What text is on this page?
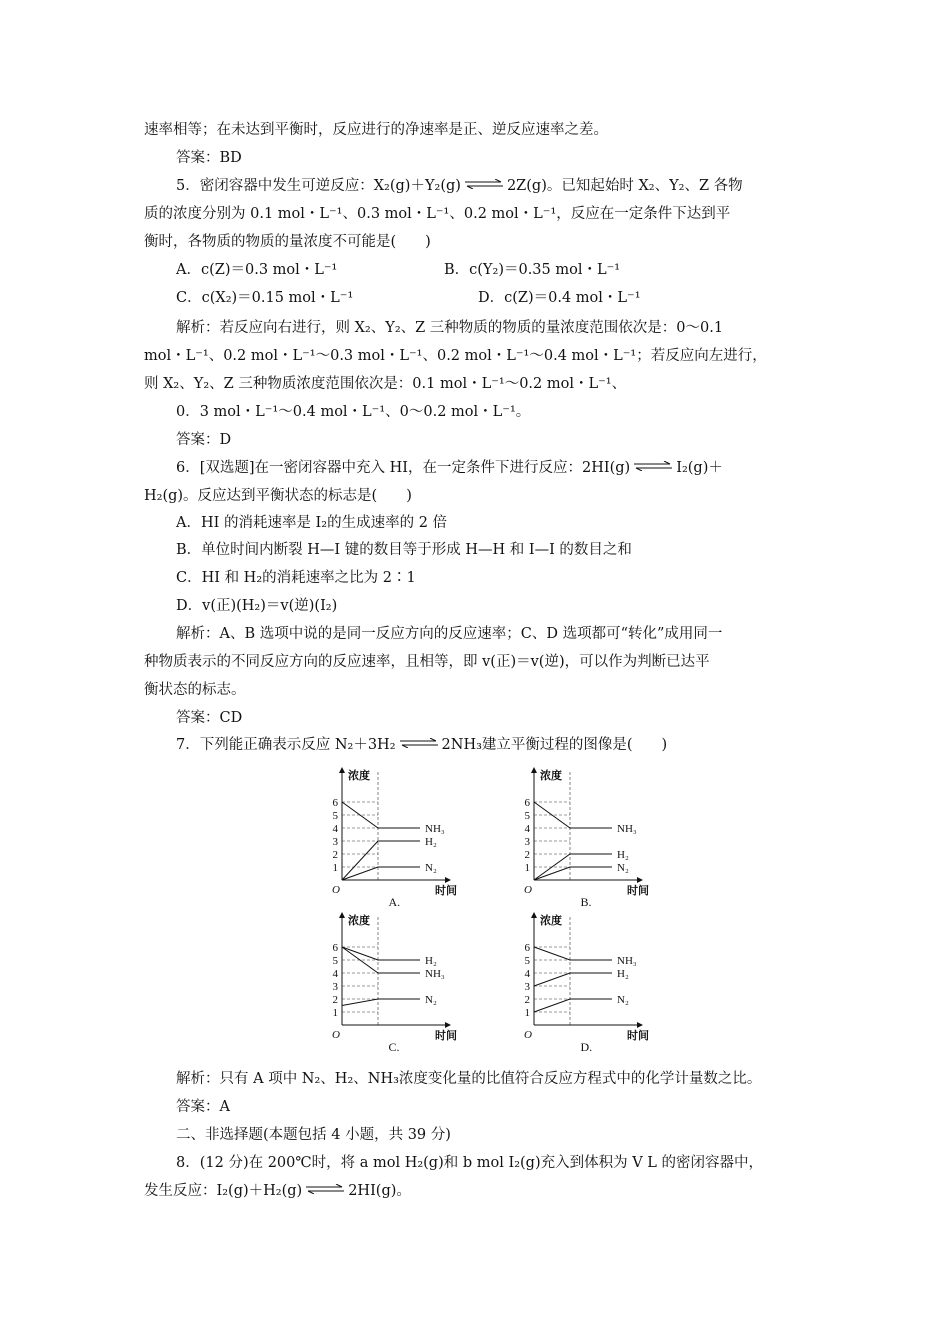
速率相等；在未达到平衡时，反应进行的净速率是正、逆反应速率之差。
答案：BD
5．密闭容器中发生可逆反应：X₂(g)＋Y₂(g)	2Z(g)。已知起始时 X₂、Y₂、Z 各物
质的浓度分别为 0.1 mol・L⁻¹、0.3 mol・L⁻¹、0.2 mol・L⁻¹，反应在一定条件下达到平
衡时，各物质的物质的量浓度不可能是(　　)
A．c(Z)＝0.3 mol・L⁻¹	B．c(Y₂)＝0.35 mol・L⁻¹
C．c(X₂)＝0.15 mol・L⁻¹	D．c(Z)＝0.4 mol・L⁻¹
解析：若反应向右进行，则 X₂、Y₂、Z 三种物质的物质的量浓度范围依次是：0～0.1
mol・L⁻¹、0.2 mol・L⁻¹～0.3 mol・L⁻¹、0.2 mol・L⁻¹～0.4 mol・L⁻¹；若反应向左进行，
则 X₂、Y₂、Z 三种物质浓度范围依次是：0.1 mol・L⁻¹～0.2 mol・L⁻¹、
0．3 mol・L⁻¹～0.4 mol・L⁻¹、0～0.2 mol・L⁻¹。
答案：D
6．[双选题]在一密闭容器中充入 HI，在一定条件下进行反应：2HI(g)	I₂(g)＋
H₂(g)。反应达到平衡状态的标志是(　　)
A．HI 的消耗速率是 I₂的生成速率的 2 倍
B．单位时间内断裂 H—I 键的数目等于形成 H—H 和 I—I 的数目之和
C．HI 和 H₂的消耗速率之比为 2∶1
D．v(正)(H₂)＝v(逆)(I₂)
解析：A、B 选项中说的是同一反应方向的反应速率；C、D 选项都可“转化”成用同一
种物质表示的不同反应方向的反应速率，且相等，即 v(正)＝v(逆)，可以作为判断已达平
衡状态的标志。
答案：CD
7．下列能正确表示反应 N₂＋3H₂	2NH₃建立平衡过程的图像是(　　)
1
2
3
4
5
6
浓度
时间
O
A.
NH₃
H₂
N₂	1
2
3
4
5
6
浓度
时间
O
B.
NH₃
H₂
N₂
1
2
3
4
5
6
浓度
时间
O
C.
H₂
NH₃
N₂
1
2
3
4
5
6
浓度
时间
O
D.
NH₃
H₂
N₂
解析：只有 A 项中 N₂、H₂、NH₃浓度变化量的比值符合反应方程式中的化学计量数之比。
答案：A
二、非选择题(本题包括 4 小题，共 39 分)
8．(12 分)在 200℃时，将 a mol H₂(g)和 b mol I₂(g)充入到体积为 V L 的密闭容器中，
发生反应：I₂(g)＋H₂(g)	2HI(g)。
